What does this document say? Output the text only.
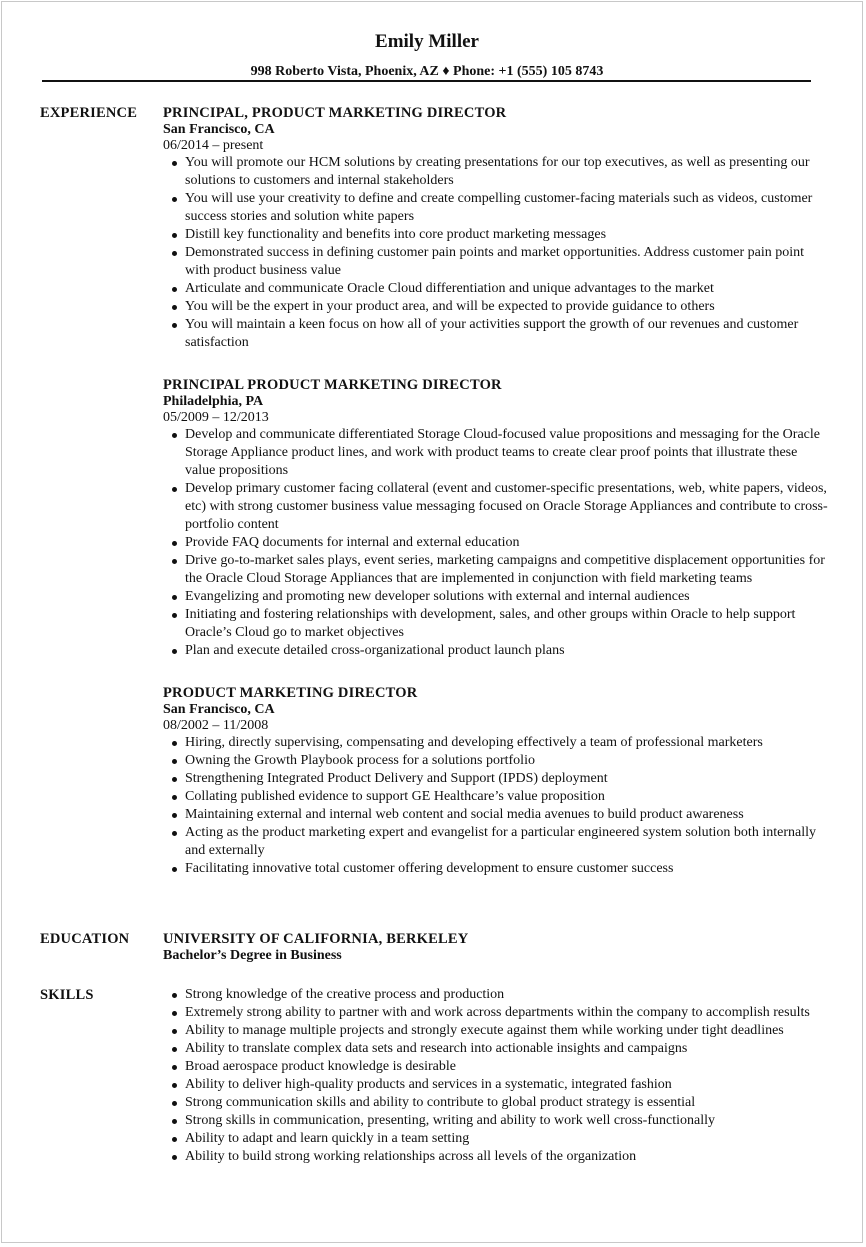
Emily Miller
998 Roberto Vista, Phoenix, AZ ♦ Phone: +1 (555) 105 8743
EXPERIENCE	PRINCIPAL, PRODUCT MARKETING DIRECTOR
San Francisco, CA
06/2014 – present
You will promote our HCM solutions by creating presentations for our top executives, as well as presenting our solutions to customers and internal stakeholders
You will use your creativity to define and create compelling customer-facing materials such as videos, customer success stories and solution white papers
Distill key functionality and benefits into core product marketing messages
Demonstrated success in defining customer pain points and market opportunities. Address customer pain point with product business value
Articulate and communicate Oracle Cloud differentiation and unique advantages to the market
You will be the expert in your product area, and will be expected to provide guidance to others
You will maintain a keen focus on how all of your activities support the growth of our revenues and customer satisfaction
PRINCIPAL PRODUCT MARKETING DIRECTOR
Philadelphia, PA
05/2009 – 12/2013
Develop and communicate differentiated Storage Cloud-focused value propositions and messaging for the Oracle Storage Appliance product lines, and work with product teams to create clear proof points that illustrate these value propositions
Develop primary customer facing collateral (event and customer-specific presentations, web, white papers, videos, etc) with strong customer business value messaging focused on Oracle Storage Appliances and contribute to cross-portfolio content
Provide FAQ documents for internal and external education
Drive go-to-market sales plays, event series, marketing campaigns and competitive displacement opportunities for the Oracle Cloud Storage Appliances that are implemented in conjunction with field marketing teams
Evangelizing and promoting new developer solutions with external and internal audiences
Initiating and fostering relationships with development, sales, and other groups within Oracle to help support Oracle’s Cloud go to market objectives
Plan and execute detailed cross-organizational product launch plans
PRODUCT MARKETING DIRECTOR
San Francisco, CA
08/2002 – 11/2008
Hiring, directly supervising, compensating and developing effectively a team of professional marketers
Owning the Growth Playbook process for a solutions portfolio
Strengthening Integrated Product Delivery and Support (IPDS) deployment
Collating published evidence to support GE Healthcare’s value proposition
Maintaining external and internal web content and social media avenues to build product awareness
Acting as the product marketing expert and evangelist for a particular engineered system solution both internally and externally
Facilitating innovative total customer offering development to ensure customer success
EDUCATION	UNIVERSITY OF CALIFORNIA, BERKELEY
Bachelor’s Degree in Business
SKILLS	Strong knowledge of the creative process and production
Extremely strong ability to partner with and work across departments within the company to accomplish results
Ability to manage multiple projects and strongly execute against them while working under tight deadlines
Ability to translate complex data sets and research into actionable insights and campaigns
Broad aerospace product knowledge is desirable
Ability to deliver high-quality products and services in a systematic, integrated fashion
Strong communication skills and ability to contribute to global product strategy is essential
Strong skills in communication, presenting, writing and ability to work well cross-functionally
Ability to adapt and learn quickly in a team setting
Ability to build strong working relationships across all levels of the organization
